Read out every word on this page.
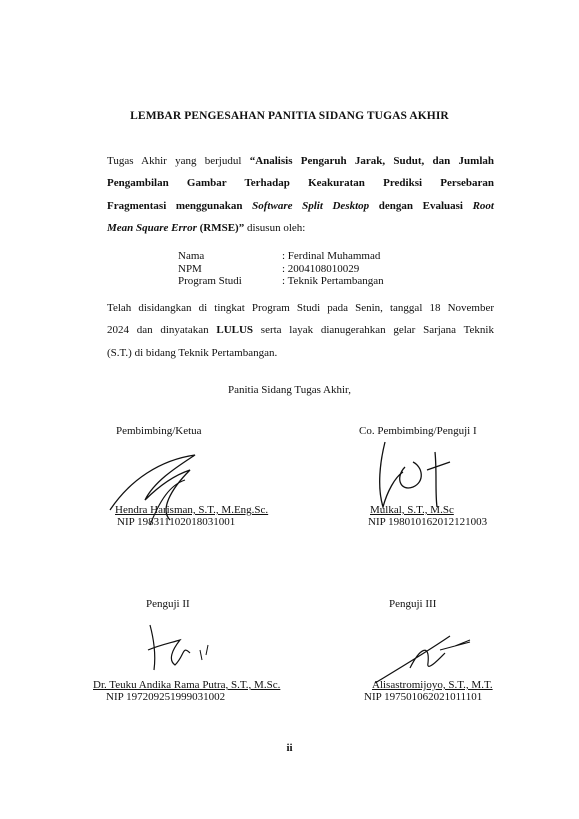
LEMBAR PENGESAHAN PANITIA SIDANG TUGAS AKHIR
Tugas Akhir yang berjudul “Analisis Pengaruh Jarak, Sudut, dan Jumlah
Pengambilan Gambar Terhadap Keakuratan Prediksi Persebaran
Fragmentasi menggunakan Software Split Desktop dengan Evaluasi Root
Mean Square Error (RMSE)” disusun oleh:
Nama	: Ferdinal Muhammad
NPM	: 2004108010029
Program Studi	: Teknik Pertambangan
Telah disidangkan di tingkat Program Studi pada Senin, tanggal 18 November
2024 dan dinyatakan LULUS serta layak dianugerahkan gelar Sarjana Teknik
(S.T.) di bidang Teknik Pertambangan.
Panitia Sidang Tugas Akhir,
Pembimbing/Ketua
Hendra Harisman, S.T., M.Eng.Sc.
NIP 198311102018031001
Co. Pembimbing/Penguji I
Mulkal, S.T., M.Sc
NIP 198010162012121003
Penguji II
Dr. Teuku Andika Rama Putra, S.T., M.Sc.
NIP 197209251999031002
Penguji III
Alisastromijoyo, S.T., M.T.
NIP 197501062021011101
ii
